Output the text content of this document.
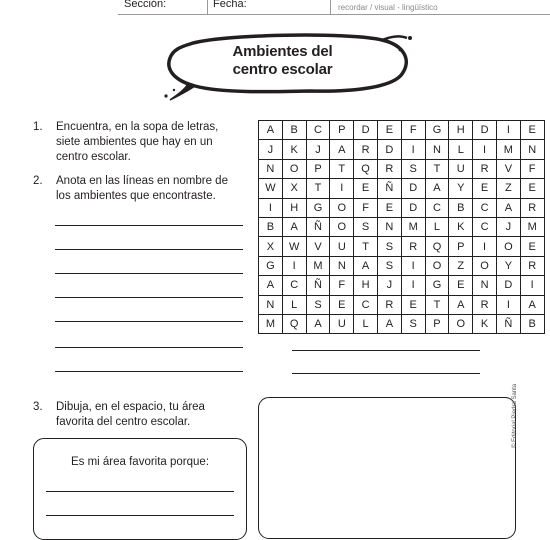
Sección:	Fecha:	recordar / visual - lingüístico
Ambientes del
centro escolar
1. Encuentra, en la sopa de letras,
siete ambientes que hay en un
centro escolar.
2. Anota en las líneas en nombre de
los ambientes que encontraste.
A	B	C	P	D	E	F	G	H	D	I	E
J	K	J	A	R	D	I	N	L	I	M	N
N	O	P	T	Q	R	S	T	U	R	V	F
W	X	T	I	E	Ñ	D	A	Y	E	Z	E
I	H	G	O	F	E	D	C	B	C	A	R
B	A	Ñ	O	S	N	M	L	K	C	J	M
X	W	V	U	T	S	R	Q	P	I	O	E
G	I	M	N	A	S	I	O	Z	O	Y	R
A	C	Ñ	F	H	J	I	G	E	N	D	I
N	L	S	E	C	R	E	T	A	R	I	A
M	Q	A	U	L	A	S	P	O	K	Ñ	B
3. Dibuja, en el espacio, tu área
favorita del centro escolar.
Es mi área favorita porque:
© Editorial Piedra Santa
